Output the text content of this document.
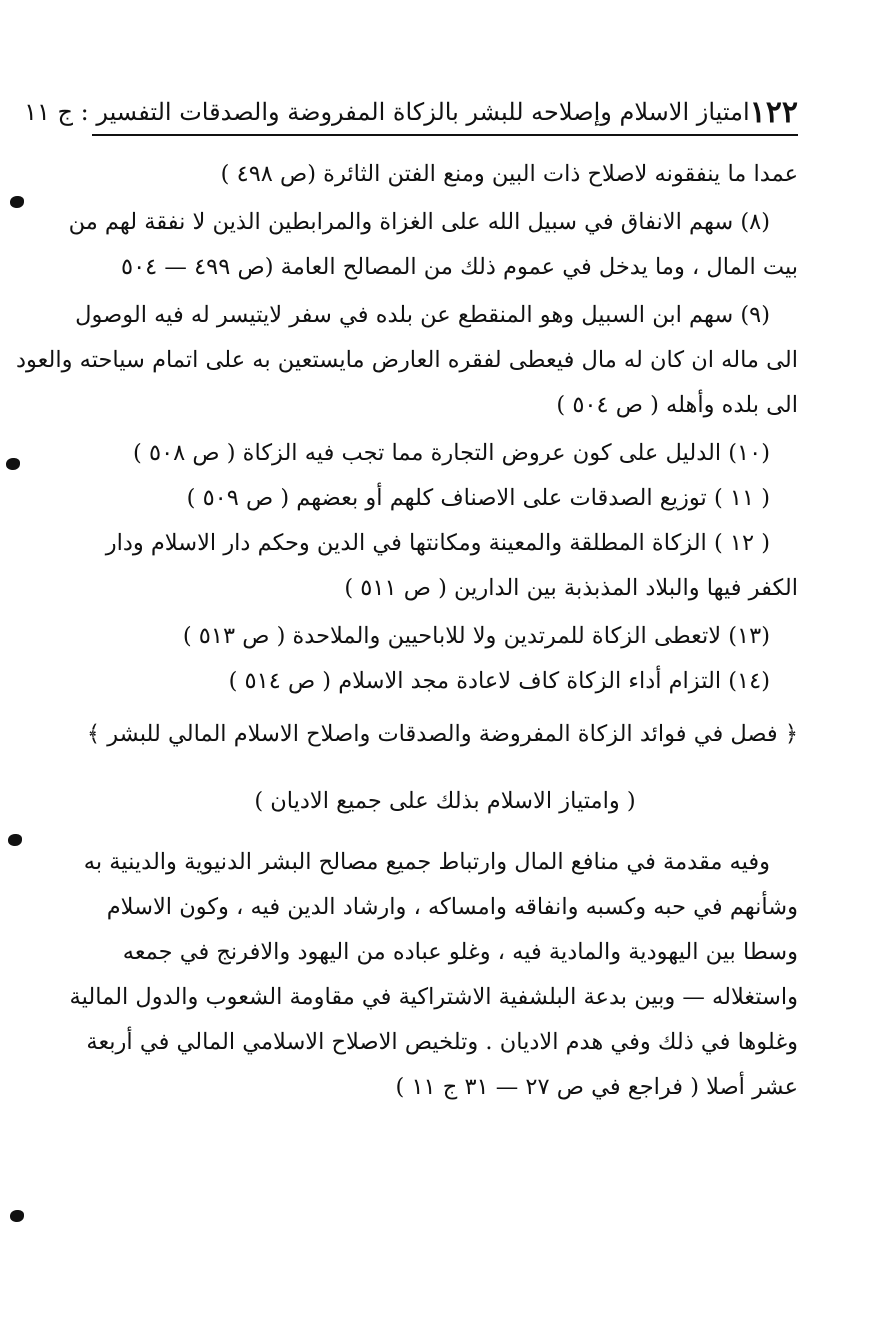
١٢٢
امتياز الاسلام وإصلاحه للبشر بالزكاة المفروضة والصدقات التفسير : ج ١١
عمدا ما ينفقونه لاصلاح ذات البين ومنع الفتن الثائرة (ص ٤٩٨ )
(٨) سهم الانفاق في سبيل الله على الغزاة والمرابطين الذين لا نفقة لهم من
بيت المال ، وما يدخل في عموم ذلك من المصالح العامة (ص ٤٩٩ — ٥٠٤
(٩) سهم ابن السبيل وهو المنقطع عن بلده في سفر لايتيسر له فيه الوصول
الى ماله ان كان له مال فيعطى لفقره العارض مايستعين به على اتمام سياحته والعود
الى بلده وأهله ( ص ٥٠٤ )
(١٠) الدليل على كون عروض التجارة مما تجب فيه الزكاة ( ص ٥٠٨ )
( ١١ ) توزيع الصدقات على الاصناف كلهم أو بعضهم ( ص ٥٠٩ )
( ١٢ ) الزكاة المطلقة والمعينة ومكانتها في الدين وحكم دار الاسلام ودار
الكفر فيها والبلاد المذبذبة بين الدارين ( ص ٥١١ )
(١٣) لاتعطى الزكاة للمرتدين ولا للاباحيين والملاحدة ( ص ٥١٣ )
(١٤) التزام أداء الزكاة كاف لاعادة مجد الاسلام ( ص ٥١٤ )
﴿ فصل في فوائد الزكاة المفروضة والصدقات واصلاح الاسلام المالي للبشر ﴾
( وامتياز الاسلام بذلك على جميع الاديان )
وفيه مقدمة في منافع المال وارتباط جميع مصالح البشر الدنيوية والدينية به
وشأنهم في حبه وكسبه وانفاقه وامساكه ، وارشاد الدين فيه ، وكون الاسلام
وسطا بين اليهودية والمادية فيه ، وغلو عباده من اليهود والافرنج في جمعه
واستغلاله — وبين بدعة البلشفية الاشتراكية في مقاومة الشعوب والدول المالية
وغلوها في ذلك وفي هدم الاديان . وتلخيص الاصلاح الاسلامي المالي في أربعة
عشر أصلا ( فراجع في ص ٢٧ — ٣١ ج ١١ )
